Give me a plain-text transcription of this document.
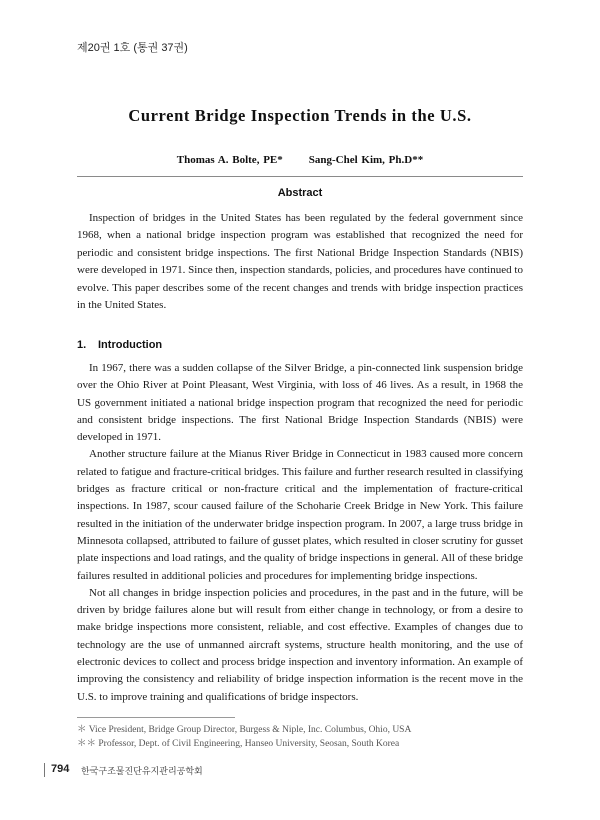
제20권 1호 (통권 37권)
Current Bridge Inspection Trends in the U.S.
Thomas A. Bolte, PE* Sang-Chel Kim, Ph.D**
Abstract

Inspection of bridges in the United States has been regulated by the federal government since 1968, when a national bridge inspection program was established that recognized the need for periodic and consistent bridge inspections. The first National Bridge Inspection Standards (NBIS) were developed in 1971. Since then, inspection standards, policies, and procedures have continued to evolve. This paper describes some of the recent changes and trends with bridge inspection practices in the United States.

1. Introduction

In 1967, there was a sudden collapse of the Silver Bridge, a pin-connected link suspension bridge over the Ohio River at Point Pleasant, West Virginia, with loss of 46 lives. As a result, in 1968 the US government initiated a national bridge inspection program that recognized the need for periodic and consistent bridge inspections. The first National Bridge Inspection Standards (NBIS) were developed in 1971.

Another structure failure at the Mianus River Bridge in Connecticut in 1983 caused more concern related to fatigue and fracture-critical bridges. This failure and further research resulted in classifying bridges as fracture critical or non-fracture critical and the implementation of fracture-critical inspections. In 1987, scour caused failure of the Schoharie Creek Bridge in New York. This failure resulted in the initiation of the underwater bridge inspection program. In 2007, a large truss bridge in Minnesota collapsed, attributed to failure of gusset plates, which resulted in closer scrutiny for gusset plate inspections and load ratings, and the quality of bridge inspections in general. All of these bridge failures resulted in additional policies and procedures for implementing bridge inspections.

Not all changes in bridge inspection policies and procedures, in the past and in the future, will be driven by bridge failures alone but will result from either change in technology, or from a desire to make bridge inspections more consistent, reliable, and cost effective. Examples of changes due to technology are the use of unmanned aircraft systems, structure health monitoring, and the use of electronic devices to collect and process bridge inspection and inventory information. An example of improving the consistency and reliability of bridge inspection information is the recent move in the U.S. to improve training and qualifications of bridge inspectors.

＊ Vice President, Bridge Group Director, Burgess & Niple, Inc. Columbus, Ohio, USA
＊＊ Professor, Dept. of Civil Engineering, Hanseo University, Seosan, South Korea
794 한국구조물진단유지관리공학회
